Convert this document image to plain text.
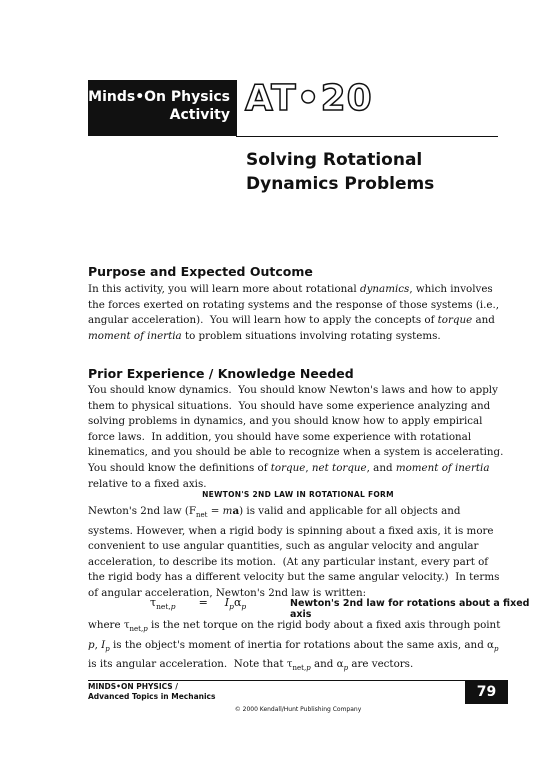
Minds•On Physics
Activity AT•20
Solving Rotational
Dynamics Problems
Purpose and Expected Outcome
In this activity, you will learn more about rotational dynamics, which involves the forces exerted on rotating systems and the response of those systems (i.e., angular acceleration).  You will learn how to apply the concepts of torque and moment of inertia to problem situations involving rotating systems.
Prior Experience / Knowledge Needed
You should know dynamics.  You should know Newton's laws and how to apply them to physical situations.  You should have some experience analyzing and solving problems in dynamics, and you should know how to apply empirical force laws.  In addition, you should have some experience with rotational kinematics, and you should be able to recognize when a system is accelerating.  You should know the definitions of torque, net torque, and moment of inertia relative to a fixed axis.
NEWTON'S 2ND LAW IN ROTATIONAL FORM
Newton's 2nd law $(F_{net} = ma)$ is valid and applicable for all objects and systems. However, when a rigid body is spinning about a fixed axis, it is more convenient to use angular quantities, such as angular velocity and angular acceleration, to describe its motion.  (At any particular instant, every part of the rigid body has a different velocity but the same angular velocity.)  In terms of angular acceleration, Newton's 2nd law is written:
$\tau_{net,p} = I_p\alpha_p$	Newton's 2nd law for rotations about a fixed axis
where $\tau_{net,p}$ is the net torque on the rigid body about a fixed axis through point p, $I_p$ is the object's moment of inertia for rotations about the same axis, and $\alpha_p$ is its angular acceleration.  Note that $\tau_{net,p}$ and $\alpha_p$ are vectors.
MINDS•ON PHYSICS /
Advanced Topics in Mechanics	79
© 2000 Kendall/Hunt Publishing Company
